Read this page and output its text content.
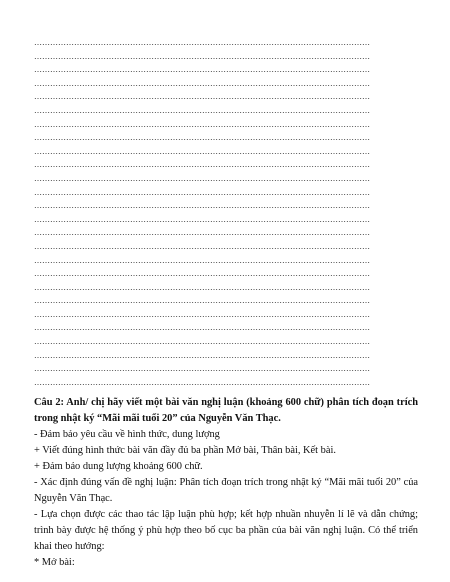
………………………………………………………………………………………………………………
………………………………………………………………………………………………………………
………………………………………………………………………………………………………………
………………………………………………………………………………………………………………
………………………………………………………………………………………………………………
………………………………………………………………………………………………………………
………………………………………………………………………………………………………………
………………………………………………………………………………………………………………
………………………………………………………………………………………………………………
………………………………………………………………………………………………………………
………………………………………………………………………………………………………………
………………………………………………………………………………………………………………
………………………………………………………………………………………………………………
………………………………………………………………………………………………………………
………………………………………………………………………………………………………………
………………………………………………………………………………………………………………
………………………………………………………………………………………………………………
………………………………………………………………………………………………………………
………………………………………………………………………………………………………………
………………………………………………………………………………………………………………
………………………………………………………………………………………………………………
………………………………………………………………………………………………………………
………………………………………………………………………………………………………………
………………………………………………………………………………………………………………
………………………………………………………………………………………………………………
………………………………………………………………………………………………………………

Câu 2: Anh/ chị hãy viết một bài văn nghị luận (khoảng 600 chữ) phân tích đoạn trích trong nhật ký “Mãi mãi tuổi 20” của Nguyễn Văn Thạc.

- Đảm bảo yêu cầu về hình thức, dung lượng

+ Viết đúng hình thức bài văn đầy đủ ba phần Mở bài, Thân bài, Kết bài.

+ Đảm bảo dung lượng khoảng 600 chữ.

- Xác định đúng vấn đề nghị luận: Phân tích đoạn trích trong nhật ký “Mãi mãi tuổi 20” của Nguyễn Văn Thạc.

- Lựa chọn được các thao tác lập luận phù hợp; kết hợp nhuần nhuyễn lí lẽ và dẫn chứng; trình bày được hệ thống ý phù hợp theo bố cục ba phần của bài văn nghị luận. Có thể triển khai theo hướng:

* Mở bài:
